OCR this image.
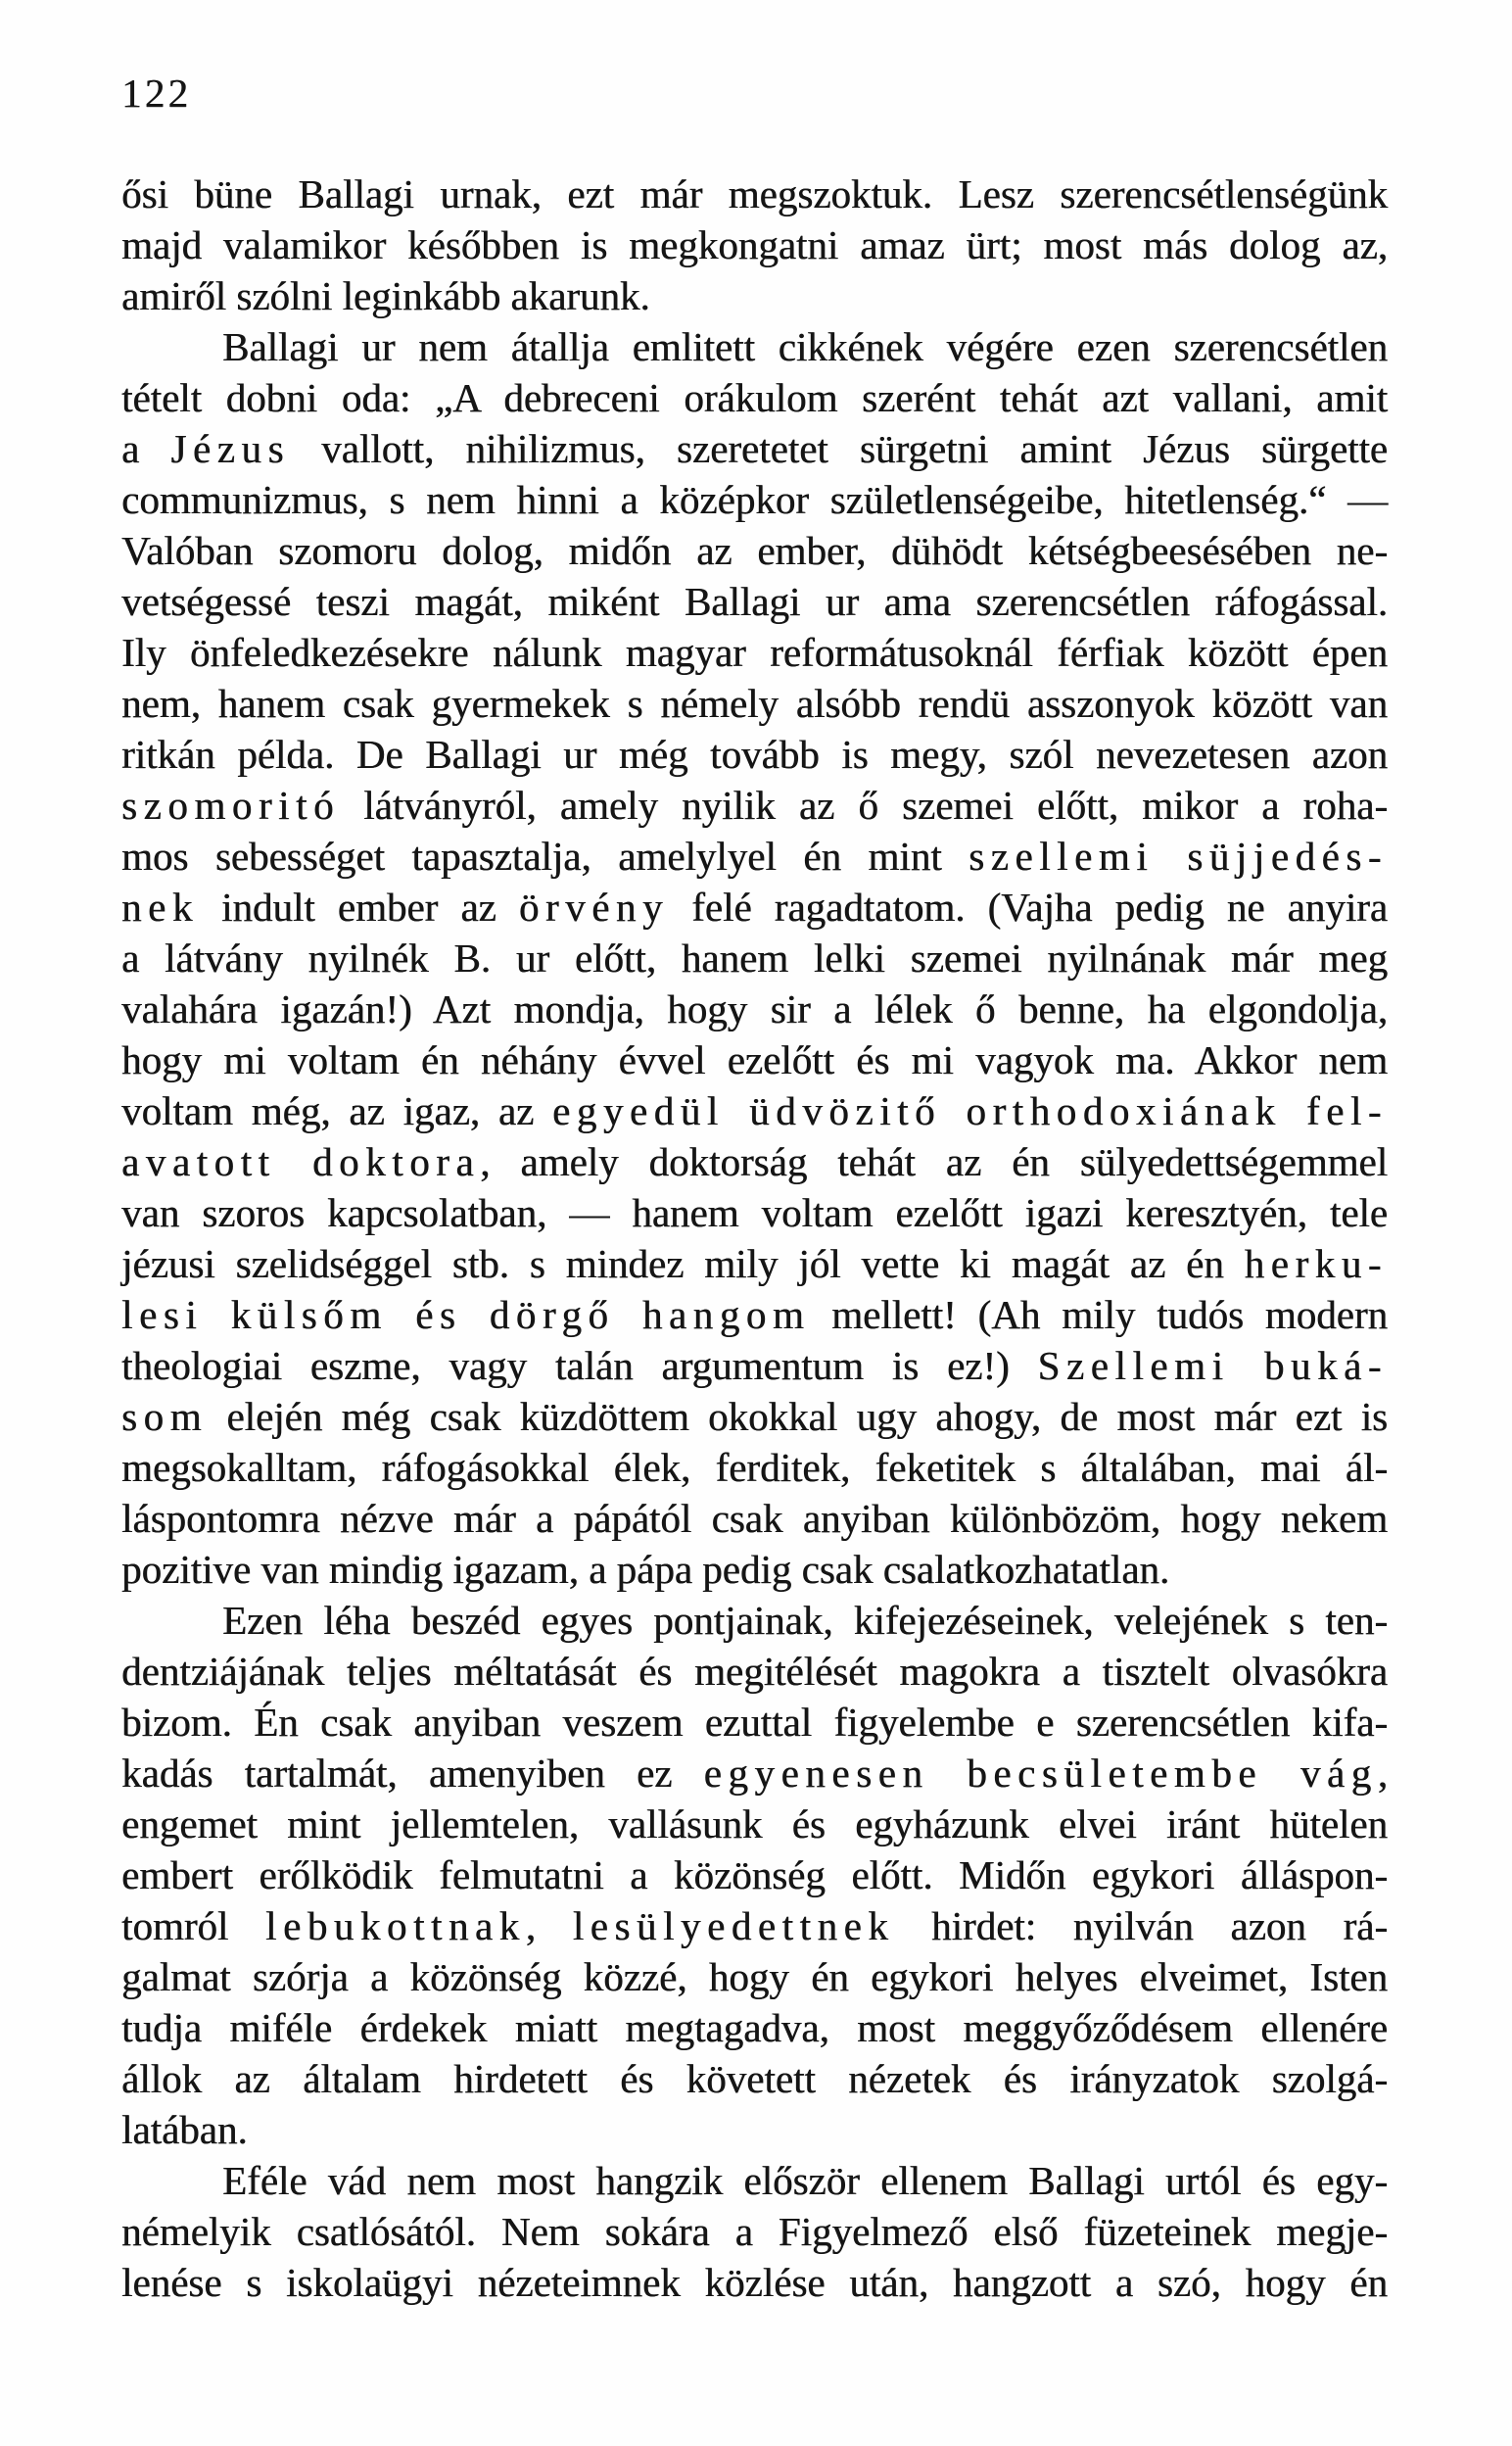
122
ősi büne Ballagi urnak, ezt már megszoktuk. Lesz szerencsétlenségünk
majd valamikor későbben is megkongatni amaz ürt; most más dolog az,
amiről szólni leginkább akarunk.
Ballagi ur nem átallja emlitett cikkének végére ezen szerencsétlen
tételt dobni oda: „A debreceni orákulom szerént tehát azt vallani, amit
a Jézus vallott, nihilizmus, szeretetet sürgetni amint Jézus sürgette
communizmus, s nem hinni a középkor születlenségeibe, hitetlenség.“ —
Valóban szomoru dolog, midőn az ember, dühödt kétségbeesésében ne-
vetségessé teszi magát, miként Ballagi ur ama szerencsétlen ráfogással.
Ily önfeledkezésekre nálunk magyar reformátusoknál férfiak között épen
nem, hanem csak gyermekek s némely alsóbb rendü asszonyok között van
ritkán példa. De Ballagi ur még tovább is megy, szól nevezetesen azon
szomoritó látványról, amely nyilik az ő szemei előtt, mikor a roha-
mos sebességet tapasztalja, amelylyel én mint szellemi süjjedés-
nek indult ember az örvény felé ragadtatom. (Vajha pedig ne anyira
a látvány nyilnék B. ur előtt, hanem lelki szemei nyilnának már meg
valahára igazán!) Azt mondja, hogy sir a lélek ő benne, ha elgondolja,
hogy mi voltam én néhány évvel ezelőtt és mi vagyok ma. Akkor nem
voltam még, az igaz, az egyedül üdvözitő orthodoxiának fel-
avatott doktora, amely doktorság tehát az én sülyedettségemmel
van szoros kapcsolatban, — hanem voltam ezelőtt igazi keresztyén, tele
jézusi szelidséggel stb. s mindez mily jól vette ki magát az én herku-
lesi külsőm és dörgő hangom mellett! (Ah mily tudós modern
theologiai eszme, vagy talán argumentum is ez!) Szellemi buká-
som elején még csak küzdöttem okokkal ugy ahogy, de most már ezt is
megsokalltam, ráfogásokkal élek, ferditek, feketitek s általában, mai ál-
láspontomra nézve már a pápától csak anyiban különbözöm, hogy nekem
pozitive van mindig igazam, a pápa pedig csak csalatkozhatatlan.
Ezen léha beszéd egyes pontjainak, kifejezéseinek, velejének s ten-
dentziájának teljes méltatását és megitélését magokra a tisztelt olvasókra
bizom. Én csak anyiban veszem ezuttal figyelembe e szerencsétlen kifa-
kadás tartalmát, amenyiben ez egyenesen becsületembe vág,
engemet mint jellemtelen, vallásunk és egyházunk elvei iránt hütelen
embert erőlködik felmutatni a közönség előtt. Midőn egykori álláspon-
tomról lebukottnak, lesülyedettnek hirdet: nyilván azon rá-
galmat szórja a közönség közzé, hogy én egykori helyes elveimet, Isten
tudja miféle érdekek miatt megtagadva, most meggyőződésem ellenére
állok az általam hirdetett és követett nézetek és irányzatok szolgá-
latában.
Eféle vád nem most hangzik először ellenem Ballagi urtól és egy-
némelyik csatlósától. Nem sokára a Figyelmező első füzeteinek megje-
lenése s iskolaügyi nézeteimnek közlése után, hangzott a szó, hogy én
